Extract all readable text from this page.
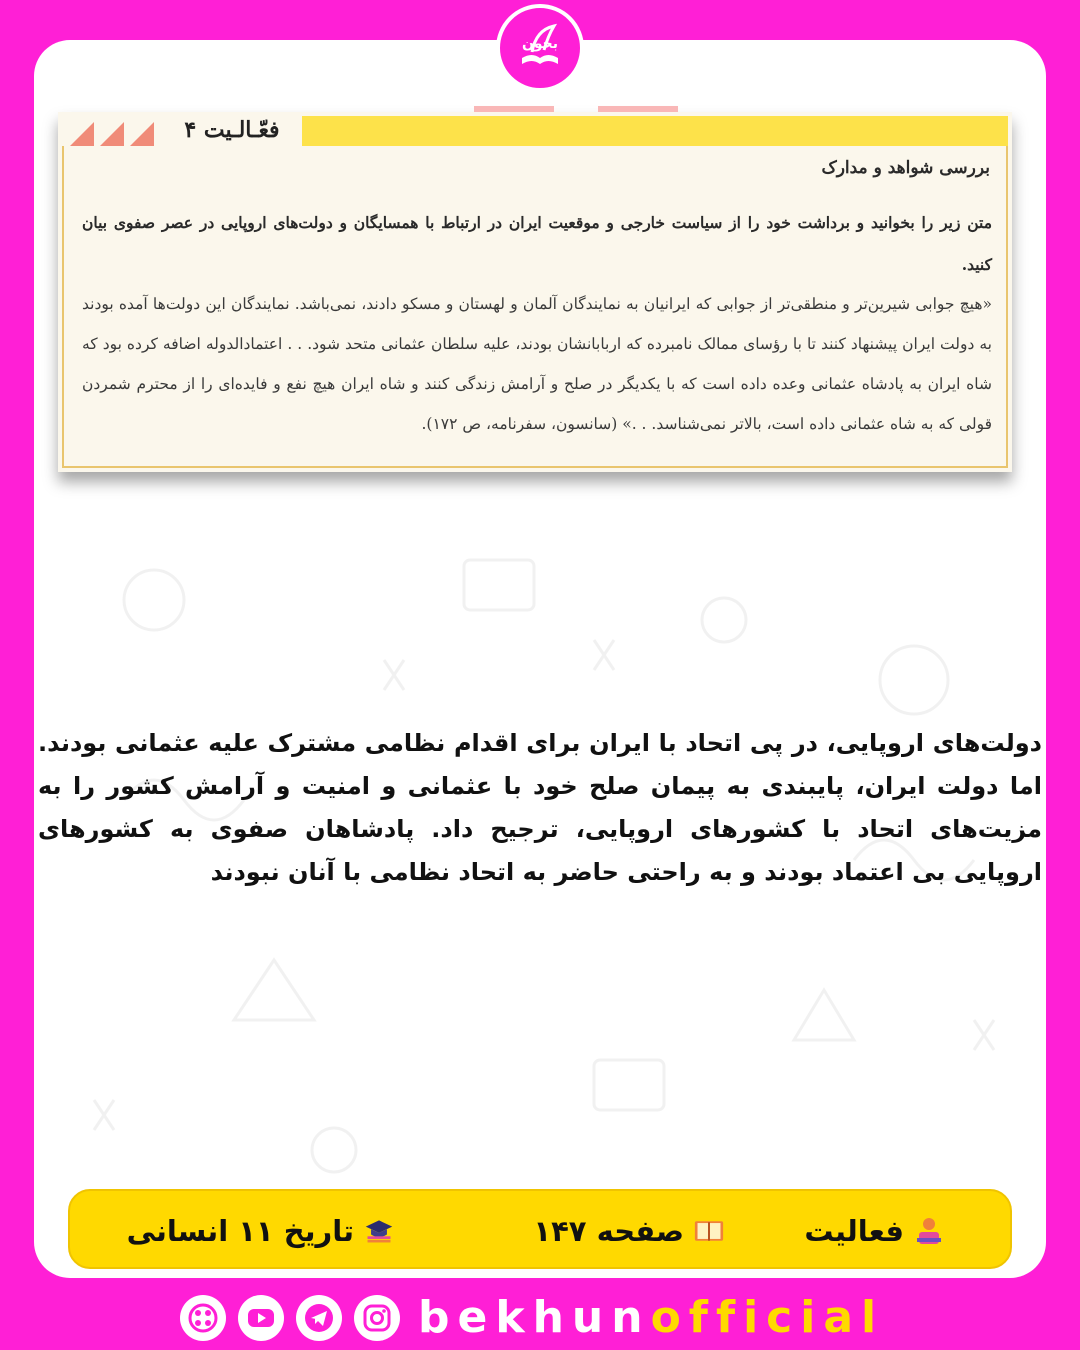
بخون
فعّـالـیت ۴
بررسی شواهد و مدارک
متن زیر را بخوانید و برداشت خود را از سیاست خارجی و موقعیت ایران در ارتباط با همسایگان و دولت‌های اروپایی در عصر صفوی بیان کنید.
«هیچ جوابی شیرین‌تر و منطقی‌تر از جوابی که ایرانیان به نمایندگان آلمان و لهستان و مسکو دادند، نمی‌باشد. نمایندگان این دولت‌ها آمده بودند به دولت ایران پیشنهاد کنند تا با رؤسای ممالک نامبرده که اربابانشان بودند، علیه سلطان عثمانی متحد شود. . . اعتمادالدوله اضافه کرده بود که شاه ایران به پادشاه عثمانی وعده داده است که با یکدیگر در صلح و آرامش زندگی کنند و شاه ایران هیچ نفع و فایده‌ای را از محترم شمردن قولی که به شاه عثمانی داده است، بالاتر نمی‌شناسد. . .» (سانسون، سفرنامه، ص ۱۷۲).
دولت‌های اروپایی، در پی اتحاد با ایران برای اقدام نظامی مشترک علیه عثمانی بودند. اما دولت ایران، پایبندی به پیمان صلح خود با عثمانی و امنیت و آرامش کشور را به مزیت‌های اتحاد با کشورهای اروپایی، ترجیح داد. پادشاهان صفوی به کشورهای اروپایی بی اعتماد بودند و به راحتی حاضر به اتحاد نظامی با آنان نبودند
فعالیت
صفحه ۱۴۷
تاریخ ۱۱ انسانی
bekhunofficial
